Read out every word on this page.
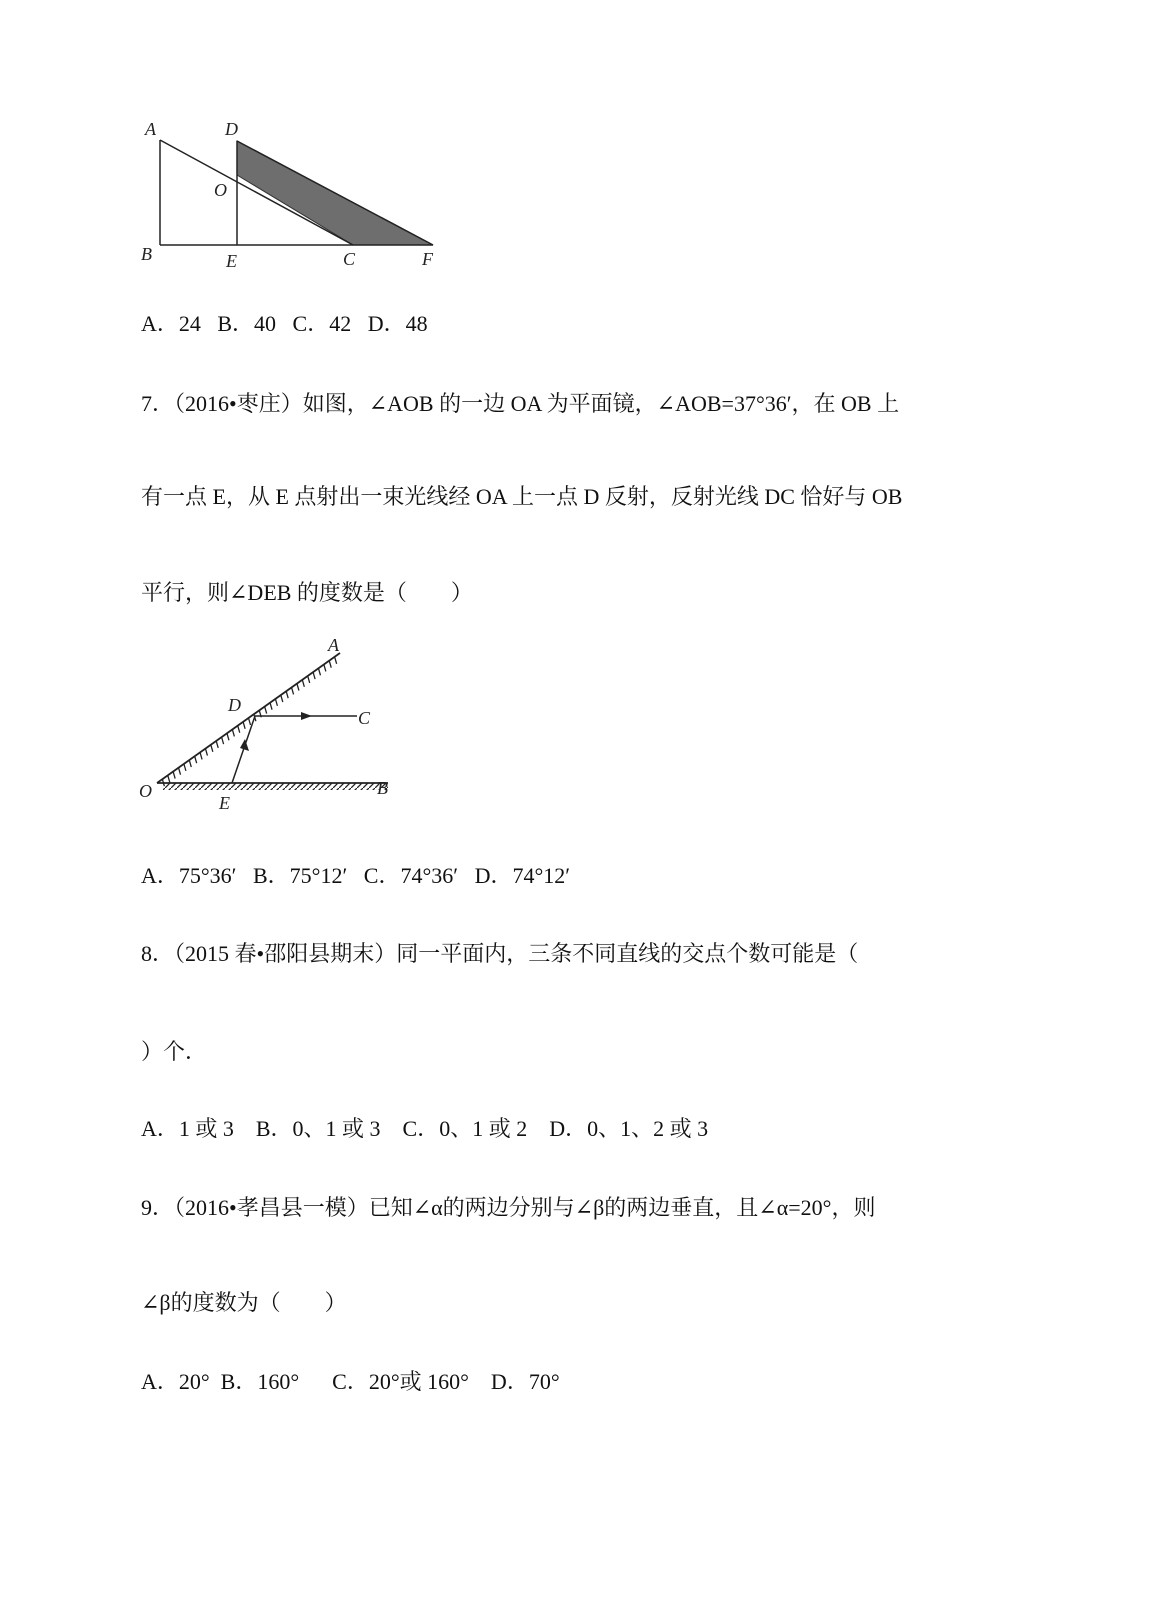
A	D
O
B	E	C	F
A．24   B．40   C．42   D．48
7．（2016•枣庄）如图，∠AOB 的一边 OA 为平面镜，∠AOB=37°36′，在 OB 上
有一点 E，从 E 点射出一束光线经 OA 上一点 D 反射，反射光线 DC 恰好与 OB
平行，则∠DEB 的度数是（        ）
A
D
C
O
E
B
A．75°36′   B．75°12′   C．74°36′   D．74°12′
8．（2015 春•邵阳县期末）同一平面内，三条不同直线的交点个数可能是（
）个．
A．1 或 3    B．0、1 或 3    C．0、1 或 2    D．0、1、2 或 3
9．（2016•孝昌县一模）已知∠α的两边分别与∠β的两边垂直，且∠α=20°，则
∠β的度数为（        ）
A．20°  B．160°      C．20°或 160°    D．70°
